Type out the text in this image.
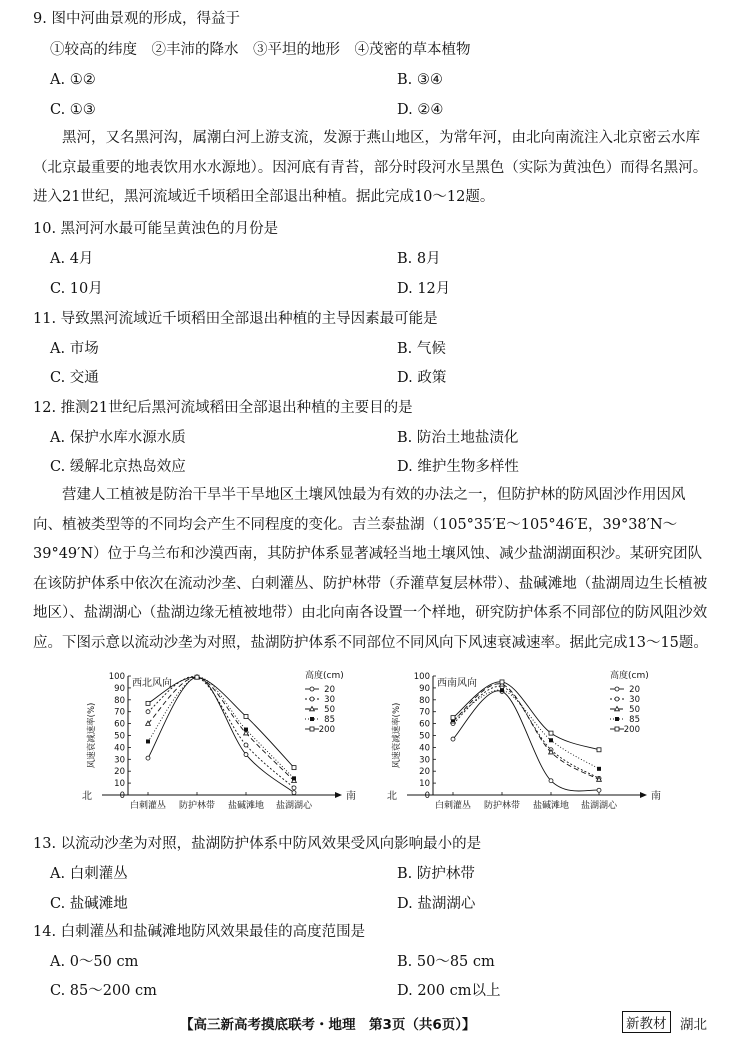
9. 图中河曲景观的形成，得益于
①较高的纬度　②丰沛的降水　③平坦的地形　④茂密的草本植物
A. ①②	B. ③④
C. ①③	D. ②④
黑河，又名黑河沟，属潮白河上游支流，发源于燕山地区，为常年河，由北向南流注入北京密云水库（北京最重要的地表饮用水水源地）。因河底有青苔，部分时段河水呈黑色（实际为黄浊色）而得名黑河。进入21世纪，黑河流域近千顷稻田全部退出种植。据此完成10～12题。
10. 黑河河水最可能呈黄浊色的月份是
A. 4月	B. 8月
C. 10月	D. 12月
11. 导致黑河流域近千顷稻田全部退出种植的主导因素最可能是
A. 市场	B. 气候
C. 交通	D. 政策
12. 推测21世纪后黑河流域稻田全部退出种植的主要目的是
A. 保护水库水源水质	B. 防治土地盐渍化
C. 缓解北京热岛效应	D. 维护生物多样性
营建人工植被是防治干旱半干旱地区土壤风蚀最为有效的办法之一，但防护林的防风固沙作用因风向、植被类型等的不同均会产生不同程度的变化。吉兰泰盐湖（105°35′E～105°46′E，39°38′N～39°49′N）位于乌兰布和沙漠西南，其防护体系显著减轻当地土壤风蚀、减少盐湖湖面积沙。某研究团队在该防护体系中依次在流动沙垄、白刺灌丛、防护林带（乔灌草复层林带）、盐碱滩地（盐湖周边生长植被地区）、盐湖湖心（盐湖边缘无植被地带）由北向南各设置一个样地，研究防护体系不同部位的防风阻沙效应。下图示意以流动沙垄为对照，盐湖防护体系不同部位不同风向下风速衰减速率。据此完成13～15题。
0
10
20
30
40
50
60
70
80
90
100
风速衰减速率(%)
白刺灌丛 防护林带 盐碱滩地 盐湖湖心
北	南
西北风向
高度(cm)
20
30
50
85
200
0
10
20
30
40
50
60
70
80
90
100
风速衰减速率(%)
白刺灌丛 防护林带 盐碱滩地 盐湖湖心
北	南
西南风向
高度(cm)
20
30
50
85
200
13. 以流动沙垄为对照，盐湖防护体系中防风效果受风向影响最小的是
A. 白刺灌丛	B. 防护林带
C. 盐碱滩地	D. 盐湖湖心
14. 白刺灌丛和盐碱滩地防风效果最佳的高度范围是
A. 0～50 cm	B. 50～85 cm
C. 85～200 cm	D. 200 cm以上
【高三新高考摸底联考・地理　第3页（共6页）】	新教材 湖北
